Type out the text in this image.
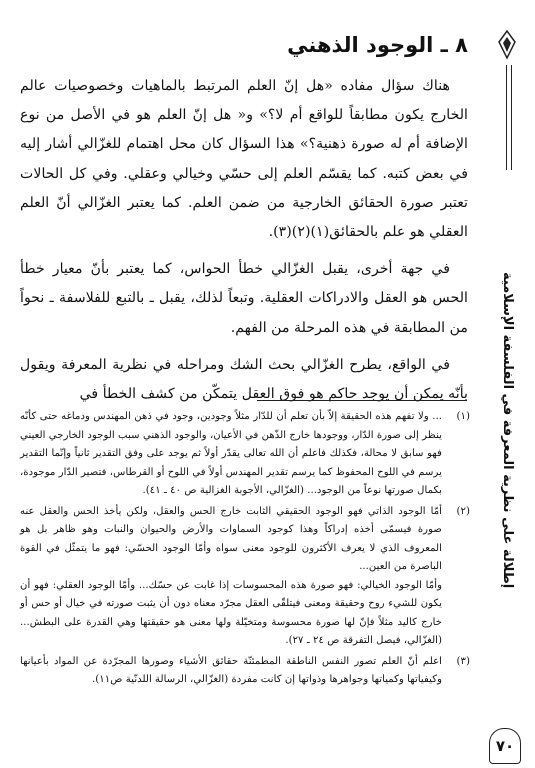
٨ ـ الوجود الذهني

هناك سؤال مفاده «هل إنّ العلم المرتبط بالماهيات وخصوصيات عالم الخارج يكون مطابقاً للواقع أم لا؟» و« هل إنّ العلم هو في الأصل من نوع الإضافة أم له صورة ذهنية؟» هذا السؤال كان محل اهتمام للغزّالي أشار إليه في بعض كتبه. كما يقسّم العلم إلى حسّي وخيالي وعقلي. وفي كل الحالات تعتبر صورة الحقائق الخارجية من ضمن العلم. كما يعتبر الغزّالي أنّ العلم العقلي هو علم بالحقائق(١)(٢)(٣).

في جهة أخرى، يقبل الغزّالي خطأ الحواس، كما يعتبر بأنّ معيار خطأ الحس هو العقل والادراكات العقلية. وتبعاً لذلك، يقبل ـ بالتبع للفلاسفة ـ نحواً من المطابقة في هذه المرحلة من الفهم.

في الواقع، يطرح الغزّالي بحث الشك ومراحله في نظرية المعرفة ويقول بأنّه يمكن أن يوجد حاكم هو فوق العقل يتمكّن من كشف الخطأ في

(١)

... ولا تفهم هذه الحقيقة إلاّ بأن تعلم أن للدّار مثلاً وجودين، وجود في ذهن المهندس ودماغه حتى كأنّه ينظر إلى صورة الدّار، ووجودها خارج الذّهن في الأعيان، والوجود الذهني سبب الوجود الخارجي العيني فهو سابق لا محالة، فكذلك فاعلم أن الله تعالى يقدّر أولاً ثم يوجد على وفق التقدير ثانياً وإنّما التقدير يرسم في اللوح المحفوظ كما يرسم تقدير المهندس أولاً في اللوح أو القرطاس، فتصير الدّار موجودة، بكمال صورتها نوعاً من الوجود... (الغزّالي، الأجوبة الغزالية ص ٤٠ ـ ٤١).

(٢)

أمّا الوجود الذاتي فهو الوجود الحقيقي الثابت خارج الحس والعقل، ولكن يأخذ الحس والعقل عنه صورة فيسمّى أخذه إدراكاً وهذا كوجود السماوات والأرض والحيوان والنبات وهو ظاهر بل هو المعروف الذي لا يعرف الأكثرون للوجود معنى سواه وأمّا الوجود الحسّي: فهو ما يتمثّل في القوة الباصرة من العين...

وأمّا الوجود الخيالي: فهو صورة هذه المحسوسات إذا غابت عن حسّك... وأمّا الوجود العقلي: فهو أن يكون للشيء روح وحقيقة ومعنى فيتلقّى العقل مجرّد معناه دون أن يثبت صورته في خيال أو حس أو خارج كاليد مثلاً فإنّ لها صورة محسوسة ومتخيّلة ولها معنى هو حقيقتها وهي القدرة على البطش... (الغزّالي، فيصل التفرقة ص ٢٤ ـ ٢٧).

(٣)

اعلم أنّ العلم تصور النفس الناطقة المطمئنّة حقائق الأشياء وصورها المجرّدة عن المواد بأعيانها وكيفياتها وكمياتها وجواهرها وذواتها إن كانت مفردة (الغزّالي، الرسالة اللدنّية ص١١).

إطلالة على نظرية المعرفة في الفلسفة الإسلامية
٧٠
